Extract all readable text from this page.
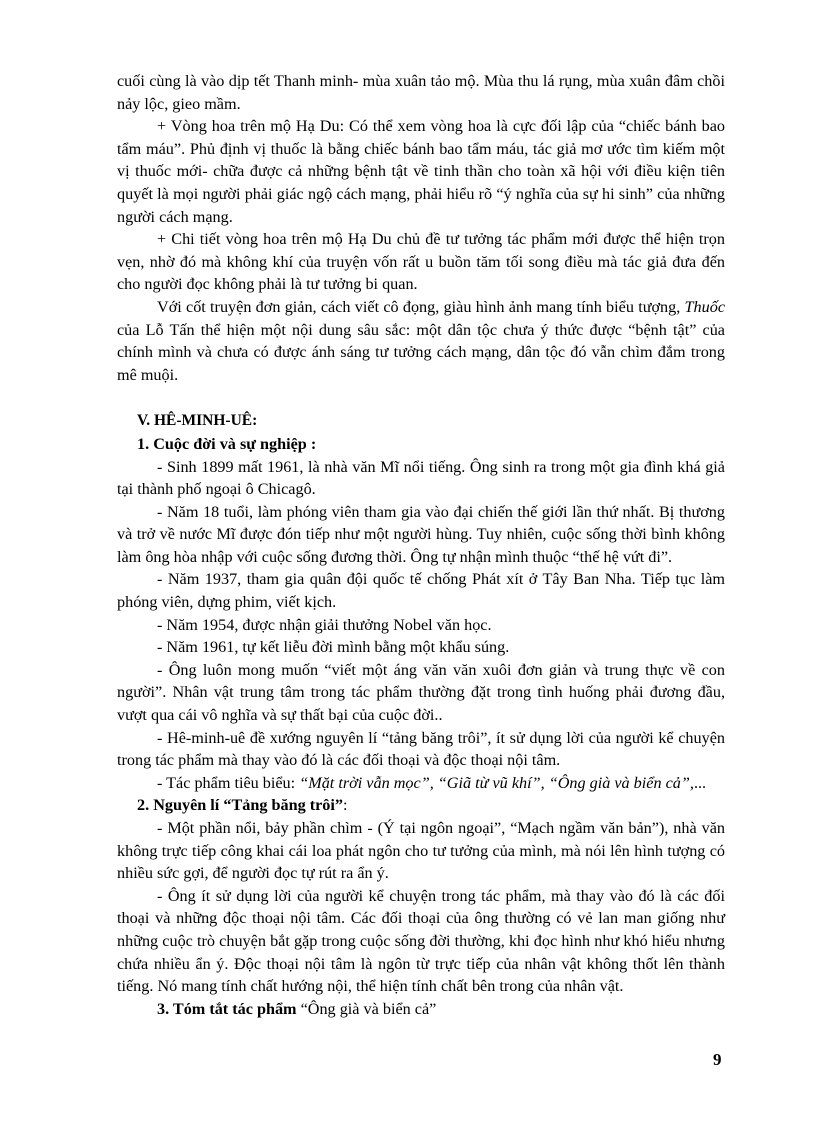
cuối cùng là vào dịp tết Thanh minh- mùa xuân tảo mộ. Mùa thu lá rụng, mùa xuân đâm chồi nảy lộc, gieo mầm.

+ Vòng hoa trên mộ Hạ Du: Có thể xem vòng hoa là cực đối lập của “chiếc bánh bao tẩm máu”. Phủ định vị thuốc là bằng chiếc bánh bao tẩm máu, tác giả mơ ước tìm kiếm một vị thuốc mới- chữa được cả những bệnh tật về tinh thần cho toàn xã hội với điều kiện tiên quyết là mọi người phải giác ngộ cách mạng, phải hiểu rõ “ý nghĩa của sự hi sinh” của những người cách mạng.

+ Chi tiết vòng hoa trên mộ Hạ Du chủ đề tư tưởng tác phẩm mới được thể hiện trọn vẹn, nhờ đó mà không khí của truyện vốn rất u buồn tăm tối song điều mà tác giả đưa đến cho người đọc không phải là tư tưởng bi quan.

Với cốt truyện đơn giản, cách viết cô đọng, giàu hình ảnh mang tính biểu tượng, Thuốc của Lỗ Tấn thể hiện một nội dung sâu sắc: một dân tộc chưa ý thức được “bệnh tật” của chính mình và chưa có được ánh sáng tư tưởng cách mạng, dân tộc đó vẫn chìm đắm trong mê muội.

V. HÊ-MINH-UÊ:

1. Cuộc đời và sự nghiệp :

- Sinh 1899 mất 1961, là nhà văn Mĩ nổi tiếng. Ông sinh ra trong một gia đình khá giả tại thành phố ngoại ô Chicagô.

- Năm 18 tuổi, làm phóng viên tham gia vào đại chiến thế giới lần thứ nhất. Bị thương và trở về nước Mĩ được đón tiếp như một người hùng. Tuy nhiên, cuộc sống thời bình không làm ông hòa nhập với cuộc sống đương thời. Ông tự nhận mình thuộc “thế hệ vứt đi”.

- Năm 1937, tham gia quân đội quốc tế chống Phát xít ở Tây Ban Nha. Tiếp tục làm phóng viên, dựng phim, viết kịch.

- Năm 1954, được nhận giải thưởng Nobel văn học.

- Năm 1961, tự kết liễu đời mình bằng một khẩu súng.

- Ông luôn mong muốn “viết một áng văn văn xuôi đơn giản và trung thực về con người”. Nhân vật trung tâm trong tác phẩm thường đặt trong tình huống phải đương đầu, vượt qua cái vô nghĩa và sự thất bại của cuộc đời..

- Hê-minh-uê đề xướng nguyên lí “tảng băng trôi”, ít sử dụng lời của người kể chuyện trong tác phẩm mà thay vào đó là các đối thoại và độc thoại nội tâm.

- Tác phẩm tiêu biểu: “Mặt trời vẫn mọc”, “Giã từ vũ khí”, “Ông già và biển cả”,...

2. Nguyên lí “Tảng băng trôi”:

- Một phần nổi, bảy phần chìm - (Ý tại ngôn ngoại”, “Mạch ngầm văn bản”), nhà văn không trực tiếp công khai cái loa phát ngôn cho tư tưởng của mình, mà nói lên hình tượng có nhiều sức gợi, để người đọc tự rút ra ẩn ý.

- Ông ít sử dụng lời của người kể chuyện trong tác phẩm, mà thay vào đó là các đối thoại và những độc thoại nội tâm. Các đối thoại của ông thường có vẻ lan man giống như những cuộc trò chuyện bắt gặp trong cuộc sống đời thường, khi đọc hình như khó hiểu nhưng chứa nhiều ẩn ý. Độc thoại nội tâm là ngôn từ trực tiếp của nhân vật không thốt lên thành tiếng. Nó mang tính chất hướng nội, thể hiện tính chất bên trong của nhân vật.

3. Tóm tắt tác phẩm “Ông già và biển cả”

9
